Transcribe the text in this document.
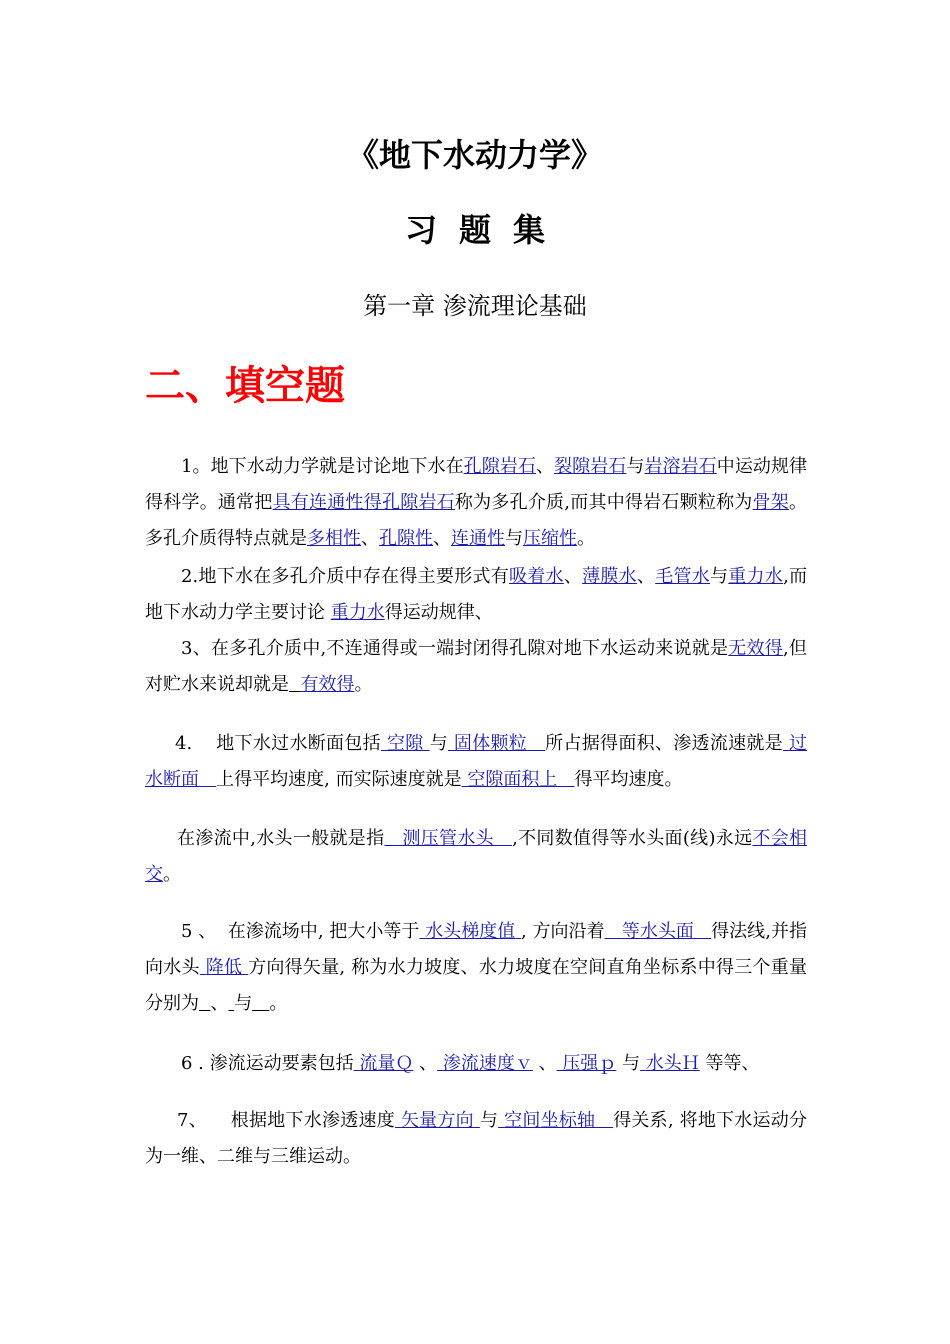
《地下水动力学》
习题集
第一章 渗流理论基础
二、填空题

1。地下水动力学就是讨论地下水在孔隙岩石、裂隙岩石与岩溶岩石中运动规律得科学。通常把具有连通性得孔隙岩石称为多孔介质,而其中得岩石颗粒称为骨架。多孔介质得特点就是多相性、孔隙性、连通性与压缩性。

2.地下水在多孔介质中存在得主要形式有吸着水、薄膜水、毛管水与重力水,而地下水动力学主要讨论 重力水得运动规律、

3、在多孔介质中,不连通得或一端封闭得孔隙对地下水运动来说就是无效得,但对贮水来说却就是 有效得。

4. 地下水过水断面包括 空隙 与 固体颗粒 所占据得面积、渗透流速就是 过水断面 上得平均速度, 而实际速度就是 空隙面积上 得平均速度。

在渗流中,水头一般就是指 测压管水头 ,不同数值得等水头面(线)永远不会相交。

5 、 在渗流场中, 把大小等于 水头梯度值 , 方向沿着 等水头面 得法线,并指向水头 降低 方向得矢量, 称为水力坡度、水力坡度在空间直角坐标系中得三个重量分别为 、 与 。

6 . 渗流运动要素包括 流量Ｑ 、 渗流速度ｖ 、 压强ｐ 与 水头Ｈ 等等、

7、 根据地下水渗透速度 矢量方向 与 空间坐标轴 得关系, 将地下水运动分为一维、二维与三维运动。
